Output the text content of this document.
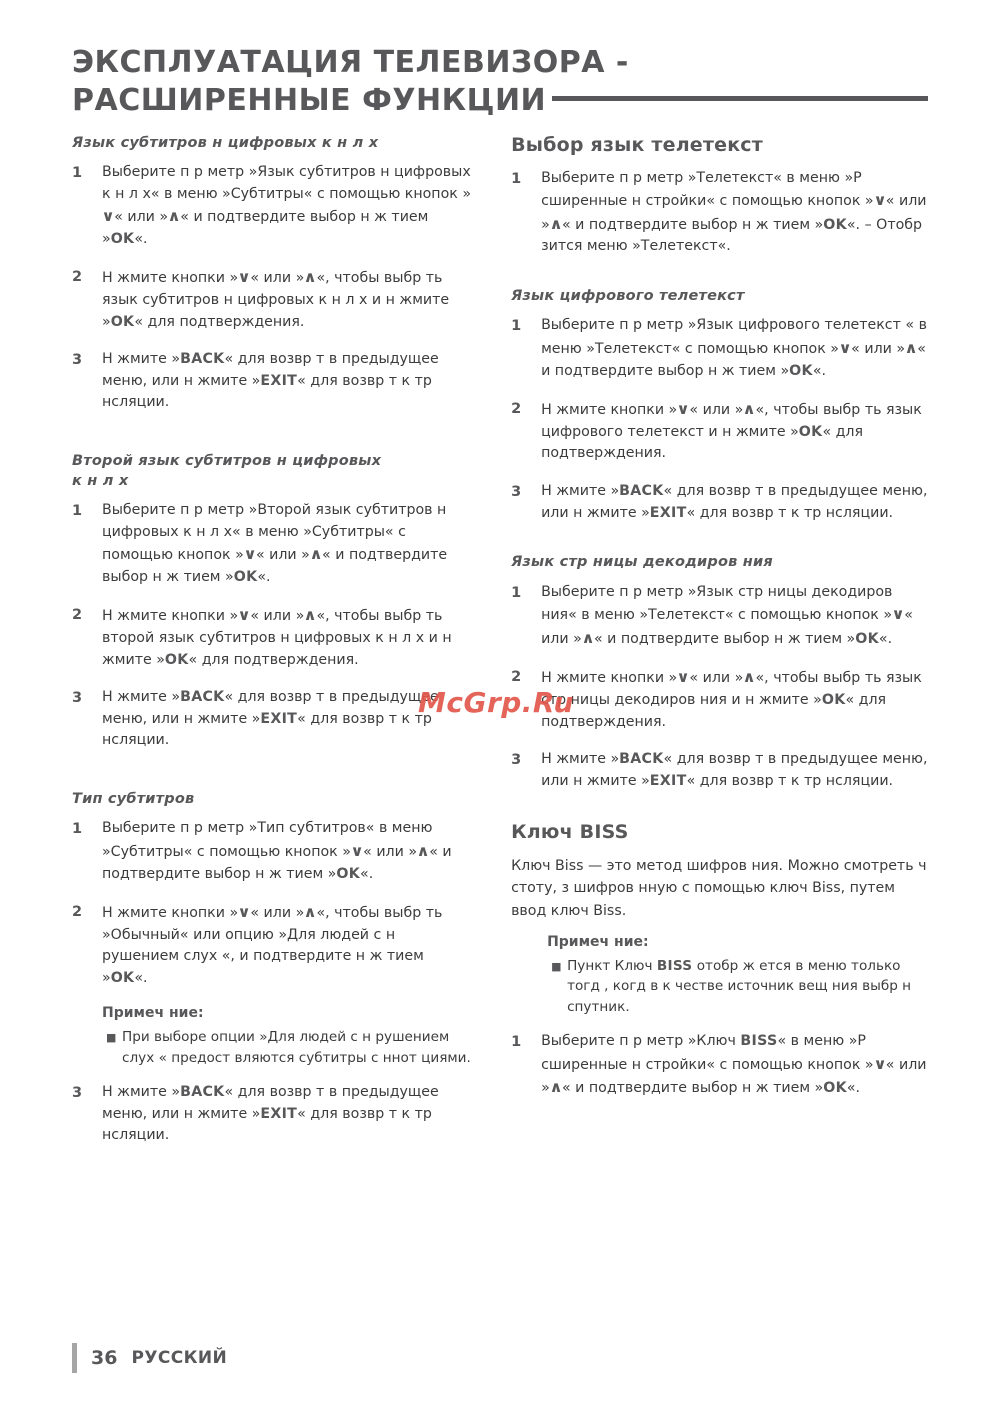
ЭКСПЛУАТАЦИЯ ТЕЛЕВИЗОРА -
РАСШИРЕННЫЕ ФУНКЦИИ
Язык субтитров н цифровых к н л х
1	Выберите п р метр »Язык субтитров н цифровых к н л х« в меню »Субтитры« с помощью кнопок »∨« или »∧« и подтвердите выбор н ж тием »OK«.
2	Н жмите кнопки »∨« или »∧«, чтобы выбр ть язык субтитров н цифровых к н л х и н жмите »OK« для подтверждения.
3	Н жмите »BACK« для возвр т в предыдущее меню, или н жмите »EXIT« для возвр т к тр нсляции.
Второй язык субтитров н цифровых
к н л х
1	Выберите п р метр »Второй язык субтитров н цифровых к н л х« в меню »Субтитры« с помощью кнопок »∨« или »∧« и подтвердите выбор н ж тием »OK«.
2	Н жмите кнопки »∨« или »∧«, чтобы выбр ть второй язык субтитров н цифровых к н л х и н жмите »OK« для подтверждения.
3	Н жмите »BACK« для возвр т в предыдущее меню, или н жмите »EXIT« для возвр т к тр нсляции.
Тип субтитров
1	Выберите п р метр »Тип субтитров« в меню »Субтитры« с помощью кнопок »∨« или »∧« и подтвердите выбор н ж тием »OK«.
2	Н жмите кнопки »∨« или »∧«, чтобы выбр ть »Обычный« или опцию »Для людей с н рушением слух «, и подтвердите н ж тием »OK«.
Примеч ние:
■ При выборе опции »Для людей с н рушением слух « предост вляются субтитры с ннот циями.
3	Н жмите »BACK« для возвр т в предыдущее меню, или н жмите »EXIT« для возвр т к тр нсляции.
Выбор язык телетекст
1	Выберите п р метр »Телетекст« в меню »Р сширенные н стройки« с помощью кнопок »∨« или »∧« и подтвердите выбор н ж тием »OK«. – Отобр зится меню »Телетекст«.
Язык цифрового телетекст
1	Выберите п р метр »Язык цифрового телетекст « в меню »Телетекст« с помощью кнопок »∨« или »∧« и подтвердите выбор н ж тием »OK«.
2	Н жмите кнопки »∨« или »∧«, чтобы выбр ть язык цифрового телетекст и н жмите »OK« для подтверждения.
3	Н жмите »BACK« для возвр т в предыдущее меню, или н жмите »EXIT« для возвр т к тр нсляции.
Язык стр ницы декодиров ния
1	Выберите п р метр »Язык стр ницы декодиров ния« в меню »Телетекст« с помощью кнопок »∨« или »∧« и подтвердите выбор н ж тием »OK«.
2	Н жмите кнопки »∨« или »∧«, чтобы выбр ть язык стр ницы декодиров ния и н жмите »OK« для подтверждения.
3	Н жмите »BACK« для возвр т в предыдущее меню, или н жмите »EXIT« для возвр т к тр нсляции.
Ключ BISS

Ключ Biss — это метод шифров ния. Можно смотреть ч стоту, з шифров нную с помощью ключ Biss, путем ввод ключ Biss.

Примеч ние:
■ Пункт Ключ BISS отобр ж ется в меню только тогд , когд в к честве источник вещ ния выбр н спутник.
1	Выберите п р метр »Ключ BISS« в меню »Р сширенные н стройки« с помощью кнопок »∨« или »∧« и подтвердите выбор н ж тием »OK«.
McGrp.Ru
36 РУССКИЙ
